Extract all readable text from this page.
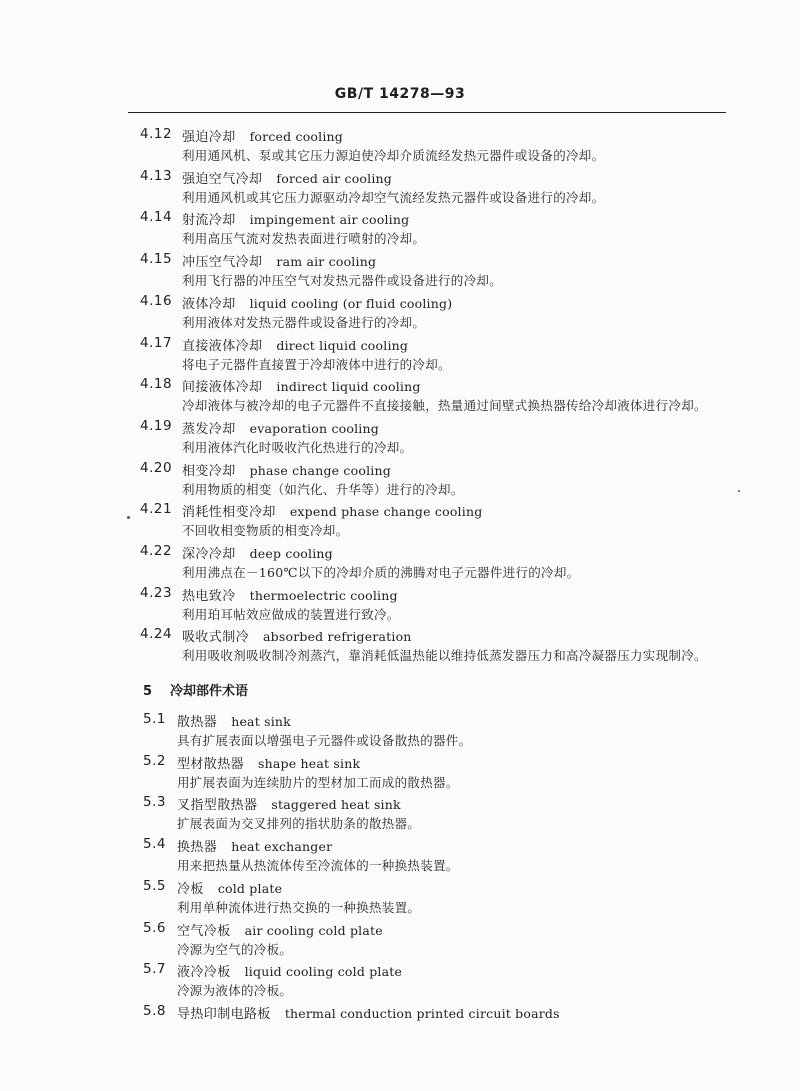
GB/T 14278—93
4.12 强迫冷却 forced cooling
利用通风机、泵或其它压力源迫使冷却介质流经发热元器件或设备的冷却。
4.13 强迫空气冷却 forced air cooling
利用通风机或其它压力源驱动冷却空气流经发热元器件或设备进行的冷却。
4.14 射流冷却 impingement air cooling
利用高压气流对发热表面进行喷射的冷却。
4.15 冲压空气冷却 ram air cooling
利用飞行器的冲压空气对发热元器件或设备进行的冷却。
4.16 液体冷却 liquid cooling (or fluid cooling)
利用液体对发热元器件或设备进行的冷却。
4.17 直接液体冷却 direct liquid cooling
将电子元器件直接置于冷却液体中进行的冷却。
4.18 间接液体冷却 indirect liquid cooling
冷却液体与被冷却的电子元器件不直接接触，热量通过间壁式换热器传给冷却液体进行冷却。
4.19 蒸发冷却 evaporation cooling
利用液体汽化时吸收汽化热进行的冷却。
4.20 相变冷却 phase change cooling
利用物质的相变（如汽化、升华等）进行的冷却。
4.21 消耗性相变冷却 expend phase change cooling
不回收相变物质的相变冷却。
4.22 深冷冷却 deep cooling
利用沸点在－160℃以下的冷却介质的沸腾对电子元器件进行的冷却。
4.23 热电致冷 thermoelectric cooling
利用珀耳帖效应做成的装置进行致冷。
4.24 吸收式制冷 absorbed refrigeration
利用吸收剂吸收制冷剂蒸汽，靠消耗低温热能以维持低蒸发器压力和高冷凝器压力实现制冷。
5 冷却部件术语
5.1 散热器 heat sink
具有扩展表面以增强电子元器件或设备散热的器件。
5.2 型材散热器 shape heat sink
用扩展表面为连续肋片的型材加工而成的散热器。
5.3 叉指型散热器 staggered heat sink
扩展表面为交叉排列的指状肋条的散热器。
5.4 换热器 heat exchanger
用来把热量从热流体传至冷流体的一种换热装置。
5.5 冷板 cold plate
利用单种流体进行热交换的一种换热装置。
5.6 空气冷板 air cooling cold plate
冷源为空气的冷板。
5.7 液冷冷板 liquid cooling cold plate
冷源为液体的冷板。
5.8 导热印制电路板 thermal conduction printed circuit boards
